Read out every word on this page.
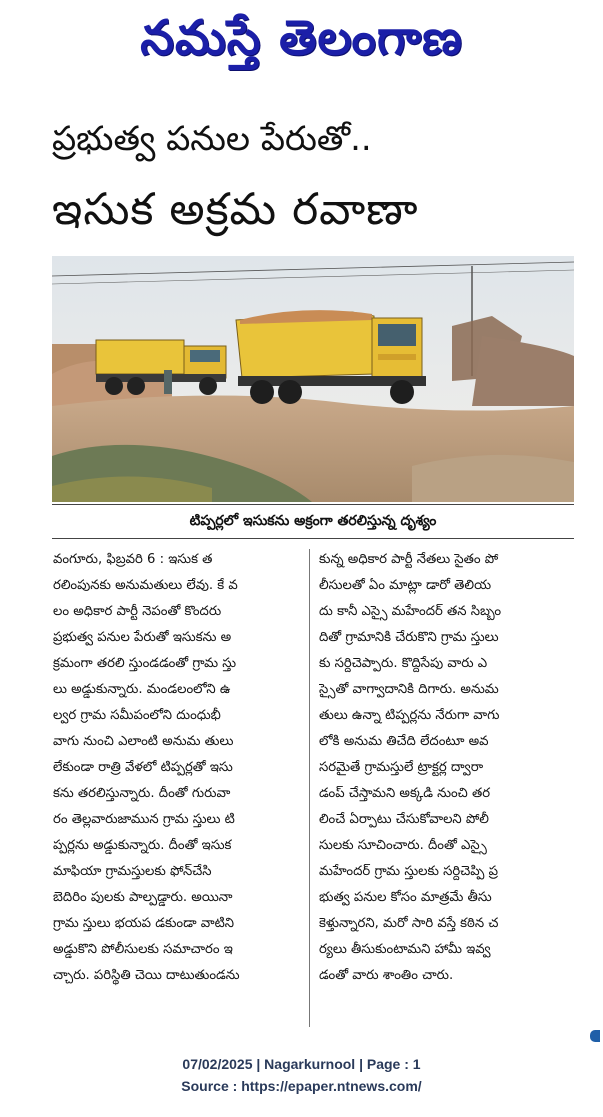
నమస్తే తెలంగాణ
ప్రభుత్వ పనుల పేరుతో..
ఇసుక అక్రమ రవాణా
టిప్పర్లలో ఇసుకను అక్రంగా తరలిస్తున్న దృశ్యం
వంగూరు, ఫిబ్రవరి 6 : ఇసుక త
రలింపునకు అనుమతులు లేవు. కే వ
లం అధికార పార్టీ నెపంతో కొందరు
ప్రభుత్వ పనుల పేరుతో ఇసుకను అ
క్రమంగా తరలి స్తుండడంతో గ్రామ స్తు
లు అడ్డుకున్నారు. మండలంలోని ఉ
ల్వర గ్రామ సమీపంలోని దుంధుభీ
వాగు నుంచి ఎలాంటి అనుమ తులు
లేకుండా రాత్రి వేళలో టిప్పర్లతో ఇసు
కను తరలిస్తున్నారు. దీంతో గురువా
రం తెల్లవారుజామున గ్రామ స్తులు టి
ప్పర్లను అడ్డుకున్నారు. దీంతో ఇసుక
మాఫియా గ్రామస్తులకు ఫోన్‌చేసి
బెదిరిం పులకు పాల్పడ్డారు. అయినా
గ్రామ స్తులు భయప డకుండా వాటిని
అడ్డుకొని పోలీసులకు సమాచారం ఇ
చ్చారు. పరిస్థితి చెయి దాటుతుండను
కున్న అధికార పార్టీ నేతలు సైతం పో
లీసులతో ఏం మాట్లా డారో తెలియ
దు కానీ ఎస్సై మహేందర్ తన సిబ్బం
దితో గ్రామానికి చేరుకొని గ్రామ స్తులు
కు సర్దిచెప్పారు. కొద్దిసేపు వారు ఎ
స్సైతో వాగ్వాదానికి దిగారు. అనుమ
తులు ఉన్నా టిప్పర్లను నేరుగా వాగు
లోకి అనుమ తిచేది లేదంటూ అవ
సరమైతే గ్రామస్తులే ట్రాక్టర్ల ద్వారా
డంప్ చేస్తామని అక్కడి నుంచి తర
లించే ఏర్పాటు చేసుకోవాలని పోలీ
సులకు సూచించారు. దీంతో ఎస్సై
మహేందర్ గ్రామ స్తులకు సర్దిచెప్పి ప్ర
భుత్వ పనుల కోసం మాత్రమే తీసు
కెళ్తున్నారని, మరో సారి వస్తే కఠిన చ
ర్యలు తీసుకుంటామని హామీ ఇవ్వ
డంతో వారు శాంతిం చారు.
07/02/2025 | Nagarkurnool | Page : 1
Source : https://epaper.ntnews.com/
